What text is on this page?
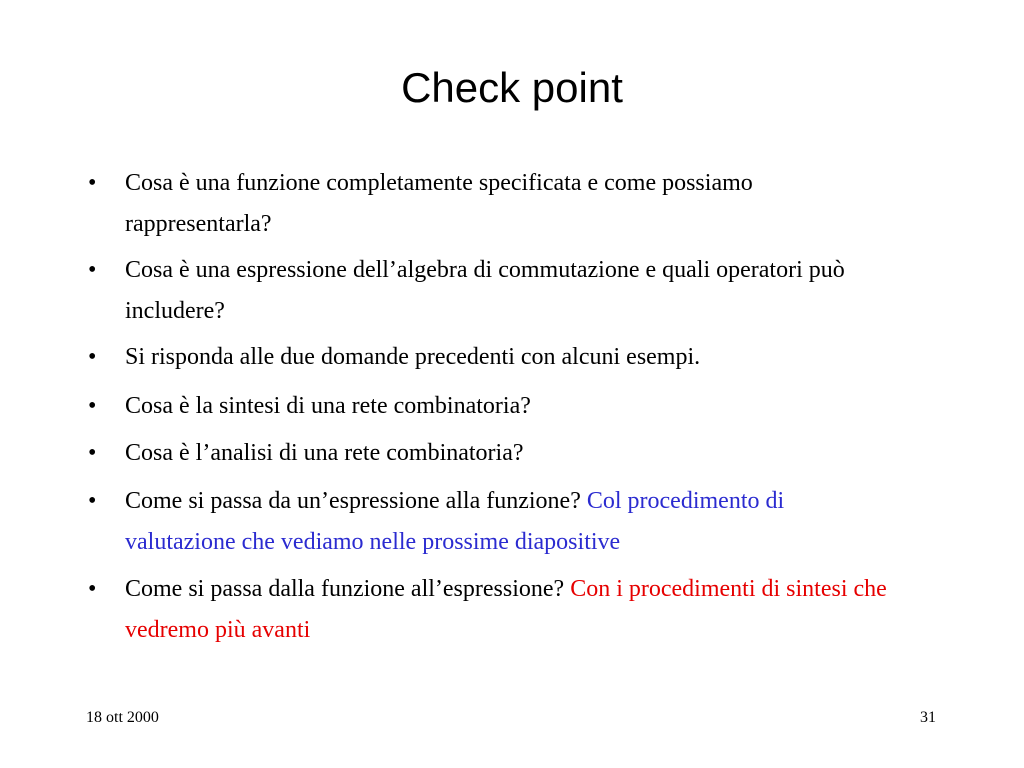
Check point
• Cosa è una funzione completamente specificata e come possiamo rappresentarla?
• Cosa è una espressione dell’algebra di commutazione e quali operatori può includere?
• Si risponda alle due domande precedenti con alcuni esempi.
• Cosa è la sintesi di una rete combinatoria?
• Cosa è l’analisi di una rete combinatoria?
• Come si passa da un’espressione alla funzione? Col procedimento di valutazione che vediamo nelle prossime diapositive
• Come si passa dalla funzione all’espressione? Con i procedimenti di sintesi che vedremo più avanti
18 ott 2000	31
